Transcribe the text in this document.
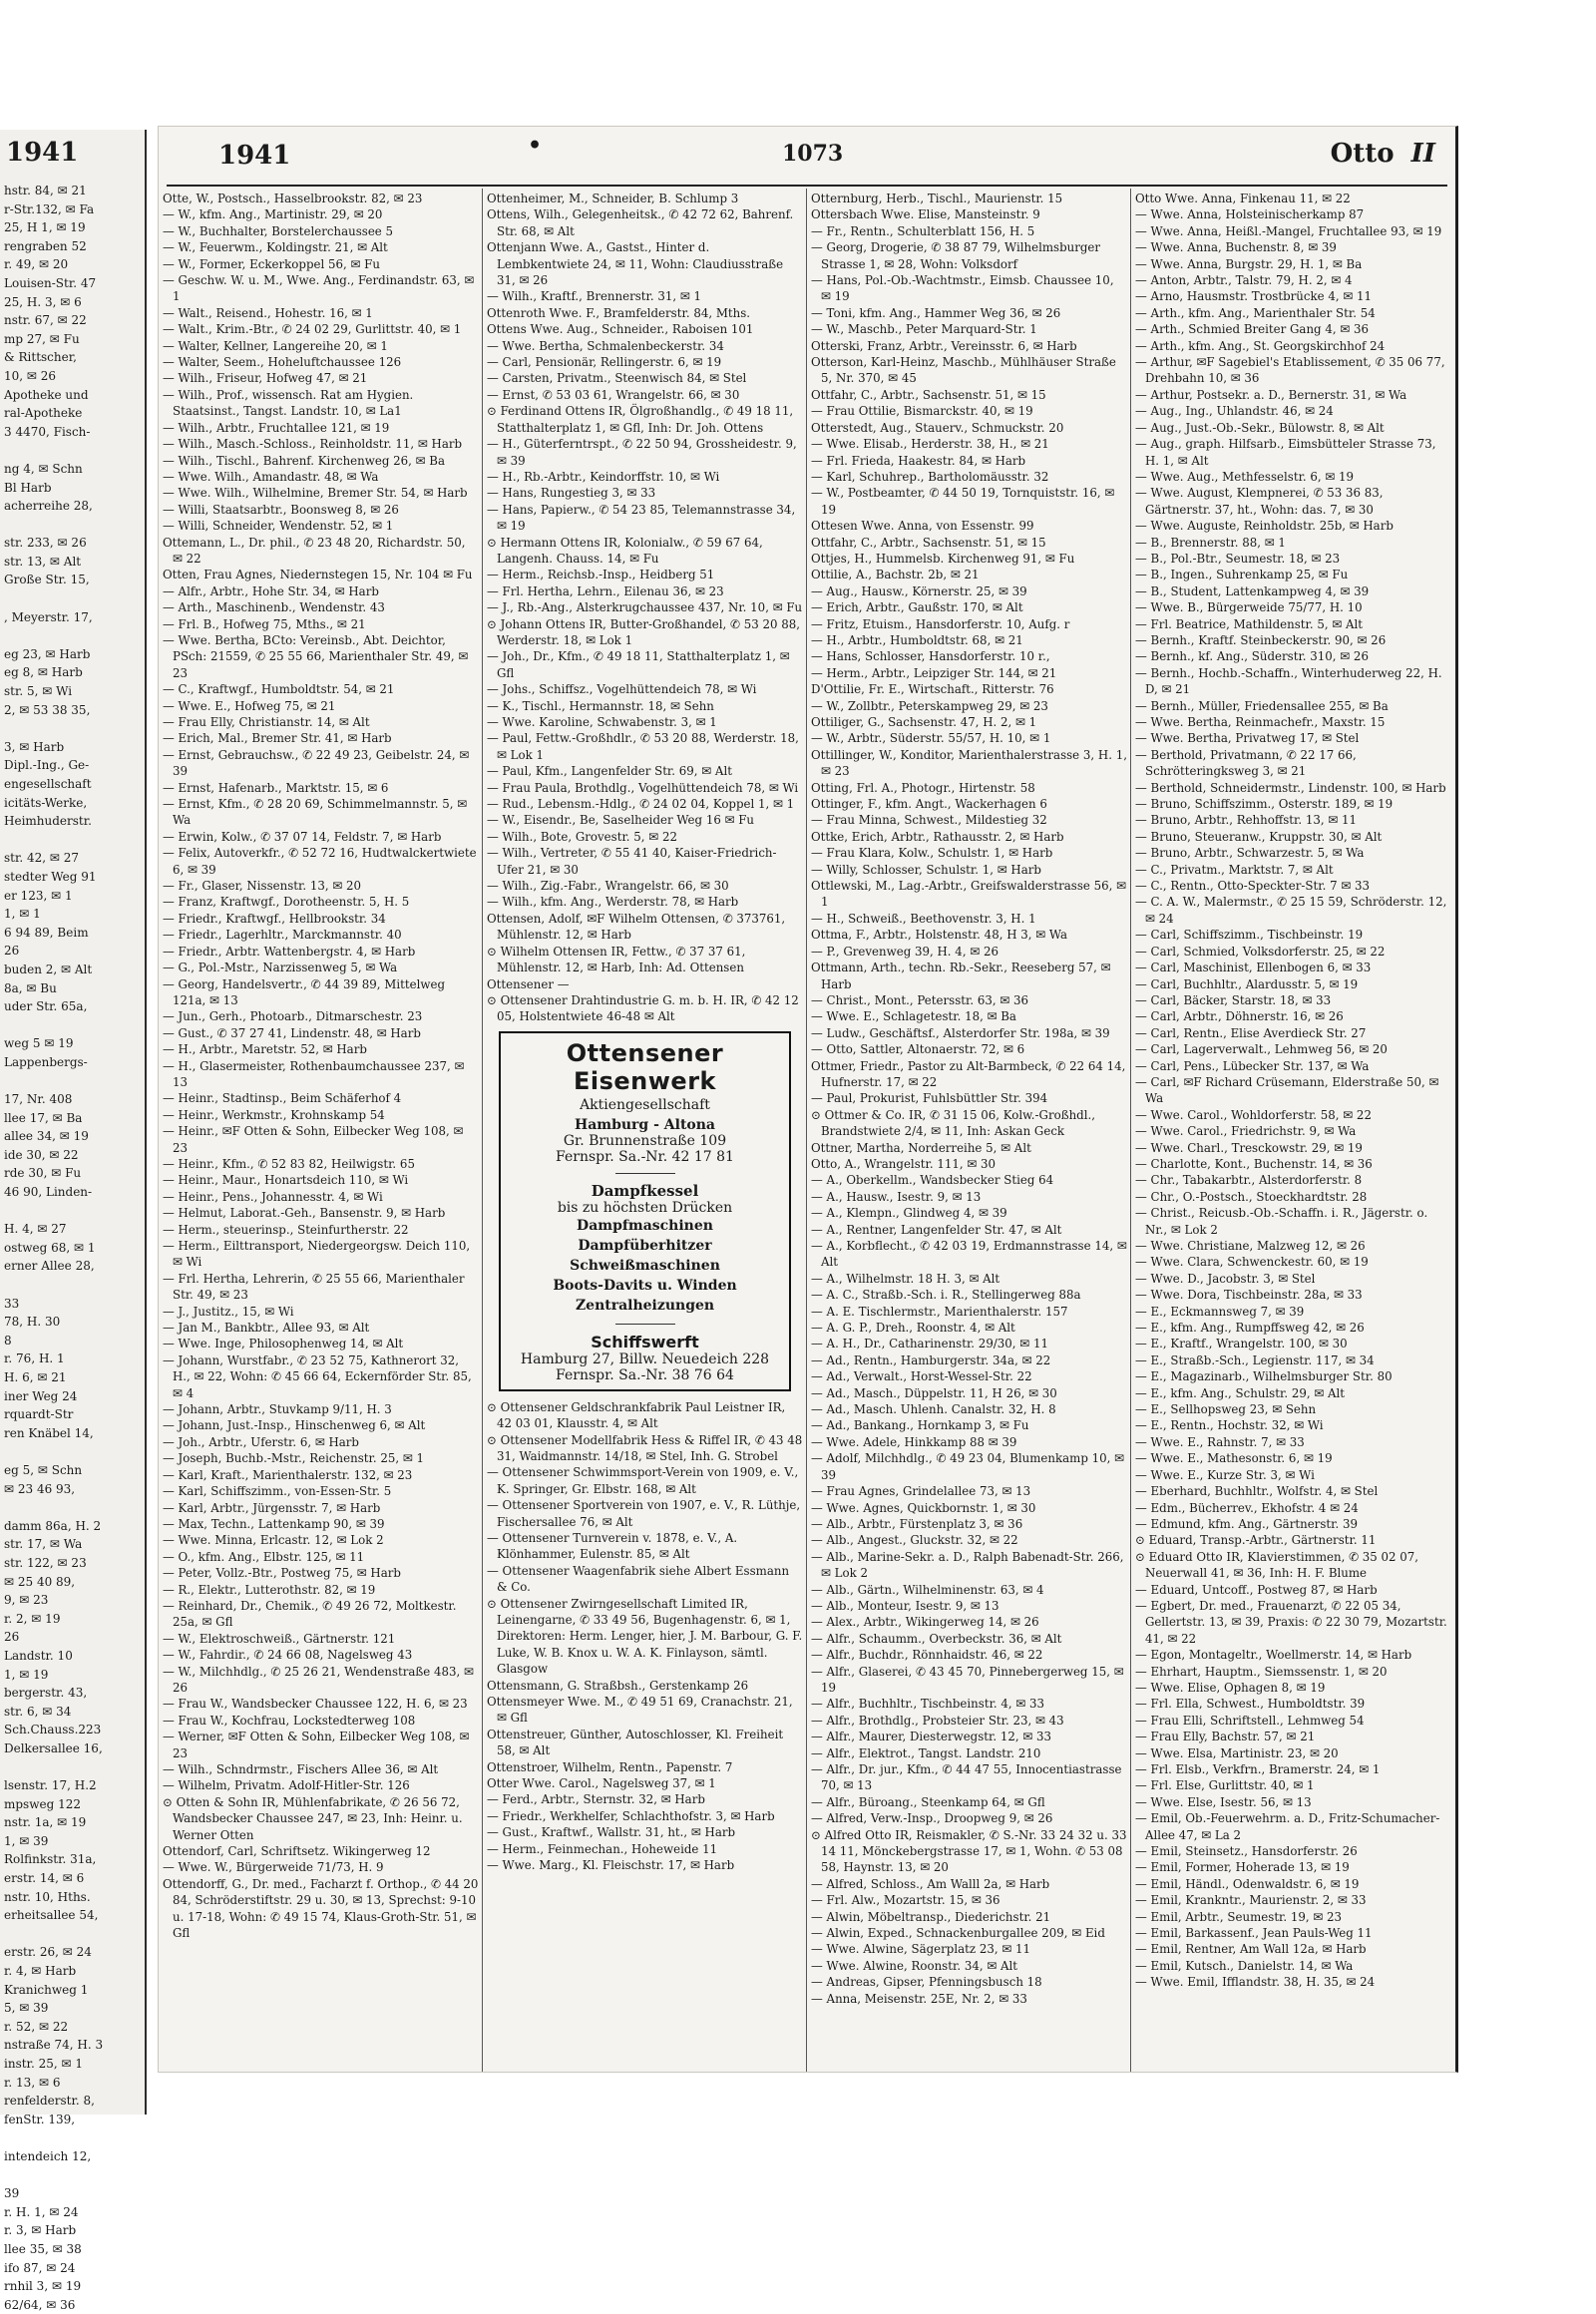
1941
hstr. 84, ✉ 21
r-Str.132, ✉ Fa
25, H 1, ✉ 19
rengraben 52
r. 49, ✉ 20
Louisen-Str. 47
25, H. 3, ✉ 6
nstr. 67, ✉ 22
mp 27, ✉ Fu
& Rittscher,
10, ✉ 26
Apotheke und
ral-Apotheke
3 4470, Fisch-

ng 4, ✉ Schn
Bl Harb
acherreihe 28,

str. 233, ✉ 26
str. 13, ✉ Alt
Große Str. 15,

, Meyerstr. 17,

eg 23, ✉ Harb
eg 8, ✉ Harb
str. 5, ✉ Wi
2, ✉ 53 38 35,

3, ✉ Harb
Dipl.-Ing., Ge-
engesellschaft
icitäts-Werke,
Heimhuderstr.

str. 42, ✉ 27
stedter Weg 91
er 123, ✉ 1
1, ✉ 1
6 94 89, Beim
26
buden 2, ✉ Alt
8a, ✉ Bu
uder Str. 65a,

weg 5 ✉ 19
Lappenbergs-

17, Nr. 408
llee 17, ✉ Ba
allee 34, ✉ 19
ide 30, ✉ 22
rde 30, ✉ Fu
46 90, Linden-

H. 4, ✉ 27
ostweg 68, ✉ 1
erner Allee 28,

33
78, H. 30
8
r. 76, H. 1
H. 6, ✉ 21
iner Weg 24
rquardt-Str
ren Knäbel 14,

eg 5, ✉ Schn
✉ 23 46 93,

damm 86a, H. 2
str. 17, ✉ Wa
str. 122, ✉ 23
✉ 25 40 89,
9, ✉ 23
r. 2, ✉ 19
26
Landstr. 10
1, ✉ 19
bergerstr. 43,
str. 6, ✉ 34
Sch.Chauss.223
Delkersallee 16,

lsenstr. 17, H.2
mpsweg 122
nstr. 1a, ✉ 19
1, ✉ 39
Rolfinkstr. 31a,
erstr. 14, ✉ 6
nstr. 10, Hths.
erheitsallee 54,

erstr. 26, ✉ 24
r. 4, ✉ Harb
Kranichweg 1
5, ✉ 39
r. 52, ✉ 22
nstraße 74, H. 3
instr. 25, ✉ 1
r. 13, ✉ 6
renfelderstr. 8,
fenStr. 139,

intendeich 12,

39
r. H. 1, ✉ 24
r. 3, ✉ Harb
llee 35, ✉ 38
ifo 87, ✉ 24
rnhil 3, ✉ 19
62/64, ✉ 36
1941	•	1073	Otto II

Otte, W., Postsch., Hasselbrookstr. 82, ✉ 23

— W., kfm. Ang., Martinistr. 29, ✉ 20

— W., Buchhalter, Borstelerchaussee 5

— W., Feuerwm., Koldingstr. 21, ✉ Alt

— W., Former, Eckerkoppel 56, ✉ Fu

— Geschw. W. u. M., Wwe. Ang., Ferdinandstr. 63, ✉ 1

— Walt., Reisend., Hohestr. 16, ✉ 1

— Walt., Krim.-Btr., ✆ 24 02 29, Gurlittstr. 40, ✉ 1

— Walter, Kellner, Langereihe 20, ✉ 1

— Walter, Seem., Hoheluftchaussee 126

— Wilh., Friseur, Hofweg 47, ✉ 21

— Wilh., Prof., wissensch. Rat am Hygien. Staatsinst., Tangst. Landstr. 10, ✉ La1

— Wilh., Arbtr., Fruchtallee 121, ✉ 19

— Wilh., Masch.-Schloss., Reinholdstr. 11, ✉ Harb

— Wilh., Tischl., Bahrenf. Kirchenweg 26, ✉ Ba

— Wwe. Wilh., Amandastr. 48, ✉ Wa

— Wwe. Wilh., Wilhelmine, Bremer Str. 54, ✉ Harb

— Willi, Staatsarbtr., Boonsweg 8, ✉ 26

— Willi, Schneider, Wendenstr. 52, ✉ 1

Ottemann, L., Dr. phil., ✆ 23 48 20, Richardstr. 50, ✉ 22

Otten, Frau Agnes, Niedernstegen 15, Nr. 104 ✉ Fu

— Alfr., Arbtr., Hohe Str. 34, ✉ Harb

— Arth., Maschinenb., Wendenstr. 43

— Frl. B., Hofweg 75, Mths., ✉ 21

— Wwe. Bertha, BCto: Vereinsb., Abt. Deichtor, PSch: 21559, ✆ 25 55 66, Marienthaler Str. 49, ✉ 23

— C., Kraftwgf., Humboldtstr. 54, ✉ 21

— Wwe. E., Hofweg 75, ✉ 21

— Frau Elly, Christianstr. 14, ✉ Alt

— Erich, Mal., Bremer Str. 41, ✉ Harb

— Ernst, Gebrauchsw., ✆ 22 49 23, Geibelstr. 24, ✉ 39

— Ernst, Hafenarb., Marktstr. 15, ✉ 6

— Ernst, Kfm., ✆ 28 20 69, Schimmelmannstr. 5, ✉ Wa

— Erwin, Kolw., ✆ 37 07 14, Feldstr. 7, ✉ Harb

— Felix, Autoverkfr., ✆ 52 72 16, Hudtwalckertwiete 6, ✉ 39

— Fr., Glaser, Nissenstr. 13, ✉ 20

— Franz, Kraftwgf., Dorotheenstr. 5, H. 5

— Friedr., Kraftwgf., Hellbrookstr. 34

— Friedr., Lagerhltr., Marckmannstr. 40

— Friedr., Arbtr. Wattenbergstr. 4, ✉ Harb

— G., Pol.-Mstr., Narzissenweg 5, ✉ Wa

— Georg, Handelsvertr., ✆ 44 39 89, Mittelweg 121a, ✉ 13

— Jun., Gerh., Photoarb., Ditmarschestr. 23

— Gust., ✆ 37 27 41, Lindenstr. 48, ✉ Harb

— H., Arbtr., Maretstr. 52, ✉ Harb

— H., Glasermeister, Rothenbaumchaussee 237, ✉ 13

— Heinr., Stadtinsp., Beim Schäferhof 4

— Heinr., Werkmstr., Krohnskamp 54

— Heinr., ✉F Otten & Sohn, Eilbecker Weg 108, ✉ 23

— Heinr., Kfm., ✆ 52 83 82, Heilwigstr. 65

— Heinr., Maur., Honartsdeich 110, ✉ Wi

— Heinr., Pens., Johannesstr. 4, ✉ Wi

— Helmut, Laborat.-Geh., Bansenstr. 9, ✉ Harb

— Herm., steuerinsp., Steinfurtherstr. 22

— Herm., Eilttransport, Niedergeorgsw. Deich 110, ✉ Wi

— Frl. Hertha, Lehrerin, ✆ 25 55 66, Marienthaler Str. 49, ✉ 23

— J., Justitz., 15, ✉ Wi

— Jan M., Bankbtr., Allee 93, ✉ Alt

— Wwe. Inge, Philosophenweg 14, ✉ Alt

— Johann, Wurstfabr., ✆ 23 52 75, Kathnerort 32, H., ✉ 22, Wohn: ✆ 45 66 64, Eckernförder Str. 85, ✉ 4

— Johann, Arbtr., Stuvkamp 9/11, H. 3

— Johann, Just.-Insp., Hinschenweg 6, ✉ Alt

— Joh., Arbtr., Uferstr. 6, ✉ Harb

— Joseph, Buchb.-Mstr., Reichenstr. 25, ✉ 1

— Karl, Kraft., Marienthalerstr. 132, ✉ 23

— Karl, Schiffszimm., von-Essen-Str. 5

— Karl, Arbtr., Jürgensstr. 7, ✉ Harb

— Max, Techn., Lattenkamp 90, ✉ 39

— Wwe. Minna, Erlcastr. 12, ✉ Lok 2

— O., kfm. Ang., Elbstr. 125, ✉ 11

— Peter, Vollz.-Btr., Postweg 75, ✉ Harb

— R., Elektr., Lutterothstr. 82, ✉ 19

— Reinhard, Dr., Chemik., ✆ 49 26 72, Moltkestr. 25a, ✉ Gfl

— W., Elektroschweiß., Gärtnerstr. 121

— W., Fahrdir., ✆ 24 66 08, Nagelsweg 43

— W., Milchhdlg., ✆ 25 26 21, Wendenstraße 483, ✉ 26

— Frau W., Wandsbecker Chaussee 122, H. 6, ✉ 23

— Frau W., Kochfrau, Lockstedterweg 108

— Werner, ✉F Otten & Sohn, Eilbecker Weg 108, ✉ 23

— Wilh., Schndrmstr., Fischers Allee 36, ✉ Alt

— Wilhelm, Privatm. Adolf-Hitler-Str. 126

⊙ Otten & Sohn IR, Mühlenfabrikate, ✆ 26 56 72, Wandsbecker Chaussee 247, ✉ 23, Inh: Heinr. u. Werner Otten

Ottendorf, Carl, Schriftsetz. Wikingerweg 12

— Wwe. W., Bürgerweide 71/73, H. 9

Ottendorff, G., Dr. med., Facharzt f. Orthop., ✆ 44 20 84, Schröderstiftstr. 29 u. 30, ✉ 13, Sprechst: 9-10 u. 17-18, Wohn: ✆ 49 15 74, Klaus-Groth-Str. 51, ✉ Gfl

Ottenheimer, M., Schneider, B. Schlump 3

Ottens, Wilh., Gelegenheitsk., ✆ 42 72 62, Bahrenf. Str. 68, ✉ Alt

Ottenjann Wwe. A., Gastst., Hinter d. Lembkentwiete 24, ✉ 11, Wohn: Claudiusstraße 31, ✉ 26

— Wilh., Kraftf., Brennerstr. 31, ✉ 1

Ottenroth Wwe. F., Bramfelderstr. 84, Mths.

Ottens Wwe. Aug., Schneider., Raboisen 101

— Wwe. Bertha, Schmalenbeckerstr. 34

— Carl, Pensionär, Rellingerstr. 6, ✉ 19

— Carsten, Privatm., Steenwisch 84, ✉ Stel

— Ernst, ✆ 53 03 61, Wrangelstr. 66, ✉ 30

⊙ Ferdinand Ottens IR, Ölgroßhandlg., ✆ 49 18 11, Statthalterplatz 1, ✉ Gfl, Inh: Dr. Joh. Ottens

— H., Güterferntrspt., ✆ 22 50 94, Grossheidestr. 9, ✉ 39

— H., Rb.-Arbtr., Keindorffstr. 10, ✉ Wi

— Hans, Rungestieg 3, ✉ 33

— Hans, Papierw., ✆ 54 23 85, Telemannstrasse 34, ✉ 19

⊙ Hermann Ottens IR, Kolonialw., ✆ 59 67 64, Langenh. Chauss. 14, ✉ Fu

— Herm., Reichsb.-Insp., Heidberg 51

— Frl. Hertha, Lehrn., Eilenau 36, ✉ 23

— J., Rb.-Ang., Alsterkrugchaussee 437, Nr. 10, ✉ Fu

⊙ Johann Ottens IR, Butter-Großhandel, ✆ 53 20 88, Werderstr. 18, ✉ Lok 1

— Joh., Dr., Kfm., ✆ 49 18 11, Statthalterplatz 1, ✉ Gfl

— Johs., Schiffsz., Vogelhüttendeich 78, ✉ Wi

— K., Tischl., Hermannstr. 18, ✉ Sehn

— Wwe. Karoline, Schwabenstr. 3, ✉ 1

— Paul, Fettw.-Großhdlr., ✆ 53 20 88, Werderstr. 18, ✉ Lok 1

— Paul, Kfm., Langenfelder Str. 69, ✉ Alt

— Frau Paula, Brothdlg., Vogelhüttendeich 78, ✉ Wi

— Rud., Lebensm.-Hdlg., ✆ 24 02 04, Koppel 1, ✉ 1

— W., Eisendr., Be, Saselheider Weg 16 ✉ Fu

— Wilh., Bote, Grovestr. 5, ✉ 22

— Wilh., Vertreter, ✆ 55 41 40, Kaiser-Friedrich-Ufer 21, ✉ 30

— Wilh., Zig.-Fabr., Wrangelstr. 66, ✉ 30

— Wilh., kfm. Ang., Werderstr. 78, ✉ Harb

Ottensen, Adolf, ✉F Wilhelm Ottensen, ✆ 373761, Mühlenstr. 12, ✉ Harb

⊙ Wilhelm Ottensen IR, Fettw., ✆ 37 37 61, Mühlenstr. 12, ✉ Harb, Inh: Ad. Ottensen

Ottensener —

⊙ Ottensener Drahtindustrie G. m. b. H. IR, ✆ 42 12 05, Holstentwiete 46-48 ✉ Alt

Ottensener Eisenwerk
Aktiengesellschaft
Hamburg - Altona
Gr. Brunnenstraße 109
Fernspr. Sa.-Nr. 42 17 81
Dampfkessel
bis zu höchsten Drücken
Dampfmaschinen
Dampfüberhitzer
Schweißmaschinen
Boots-Davits u. Winden
Zentralheizungen
Schiffswerft
Hamburg 27, Billw. Neuedeich 228
Fernspr. Sa.-Nr. 38 76 64

⊙ Ottensener Geldschrankfabrik Paul Leistner IR, 42 03 01, Klausstr. 4, ✉ Alt

⊙ Ottensener Modellfabrik Hess & Riffel IR, ✆ 43 48 31, Waidmannstr. 14/18, ✉ Stel, Inh. G. Strobel

— Ottensener Schwimmsport-Verein von 1909, e. V., K. Springer, Gr. Elbstr. 168, ✉ Alt

— Ottensener Sportverein von 1907, e. V., R. Lüthje, Fischersallee 76, ✉ Alt

— Ottensener Turnverein v. 1878, e. V., A. Klönhammer, Eulenstr. 85, ✉ Alt

— Ottensener Waagenfabrik siehe Albert Essmann & Co.

⊙ Ottensener Zwirngesellschaft Limited IR, Leinengarne, ✆ 33 49 56, Bugenhagenstr. 6, ✉ 1, Direktoren: Herm. Lenger, hier, J. M. Barbour, G. F. Luke, W. B. Knox u. W. A. K. Finlayson, sämtl. Glasgow

Ottensmann, G. Straßbsh., Gerstenkamp 26

Ottensmeyer Wwe. M., ✆ 49 51 69, Cranachstr. 21, ✉ Gfl

Ottenstreuer, Günther, Autoschlosser, Kl. Freiheit 58, ✉ Alt

Ottenstroer, Wilhelm, Rentn., Papenstr. 7

Otter Wwe. Carol., Nagelsweg 37, ✉ 1

— Ferd., Arbtr., Sternstr. 32, ✉ Harb

— Friedr., Werkhelfer, Schlachthofstr. 3, ✉ Harb

— Gust., Kraftwf., Wallstr. 31, ht., ✉ Harb

— Herm., Feinmechan., Hoheweide 11

— Wwe. Marg., Kl. Fleischstr. 17, ✉ Harb

Otternburg, Herb., Tischl., Maurienstr. 15

Ottersbach Wwe. Elise, Mansteinstr. 9

— Fr., Rentn., Schulterblatt 156, H. 5

— Georg, Drogerie, ✆ 38 87 79, Wilhelmsburger Strasse 1, ✉ 28, Wohn: Volksdorf

— Hans, Pol.-Ob.-Wachtmstr., Eimsb. Chaussee 10, ✉ 19

— Toni, kfm. Ang., Hammer Weg 36, ✉ 26

— W., Maschb., Peter Marquard-Str. 1

Otterski, Franz, Arbtr., Vereinsstr. 6, ✉ Harb

Otterson, Karl-Heinz, Maschb., Mühlhäuser Straße 5, Nr. 370, ✉ 45

Ottfahr, C., Arbtr., Sachsenstr. 51, ✉ 15

— Frau Ottilie, Bismarckstr. 40, ✉ 19

Otterstedt, Aug., Stauerv., Schmuckstr. 20

— Wwe. Elisab., Herderstr. 38, H., ✉ 21

— Frl. Frieda, Haakestr. 84, ✉ Harb

— Karl, Schuhrep., Bartholomäusstr. 32

— W., Postbeamter, ✆ 44 50 19, Tornquiststr. 16, ✉ 19

Ottesen Wwe. Anna, von Essenstr. 99

Ottfahr, C., Arbtr., Sachsenstr. 51, ✉ 15

Ottjes, H., Hummelsb. Kirchenweg 91, ✉ Fu

Ottilie, A., Bachstr. 2b, ✉ 21

— Aug., Hausw., Körnerstr. 25, ✉ 39

— Erich, Arbtr., Gaußstr. 170, ✉ Alt

— Fritz, Etuism., Hansdorferstr. 10, Aufg. r

— H., Arbtr., Humboldtstr. 68, ✉ 21

— Hans, Schlosser, Hansdorferstr. 10 r.,

— Herm., Arbtr., Leipziger Str. 144, ✉ 21

D'Ottilie, Fr. E., Wirtschaft., Ritterstr. 76

— W., Zollbtr., Peterskampweg 29, ✉ 23

Ottiliger, G., Sachsenstr. 47, H. 2, ✉ 1

— W., Arbtr., Süderstr. 55/57, H. 10, ✉ 1

Ottillinger, W., Konditor, Marienthalerstrasse 3, H. 1, ✉ 23

Otting, Frl. A., Photogr., Hirtenstr. 58

Ottinger, F., kfm. Angt., Wackerhagen 6

— Frau Minna, Schwest., Mildestieg 32

Ottke, Erich, Arbtr., Rathausstr. 2, ✉ Harb

— Frau Klara, Kolw., Schulstr. 1, ✉ Harb

— Willy, Schlosser, Schulstr. 1, ✉ Harb

Ottlewski, M., Lag.-Arbtr., Greifswalderstrasse 56, ✉ 1

— H., Schweiß., Beethovenstr. 3, H. 1

Ottma, F., Arbtr., Holstenstr. 48, H 3, ✉ Wa

— P., Grevenweg 39, H. 4, ✉ 26

Ottmann, Arth., techn. Rb.-Sekr., Reeseberg 57, ✉ Harb

— Christ., Mont., Petersstr. 63, ✉ 36

— Wwe. E., Schlagetestr. 18, ✉ Ba

— Ludw., Geschäftsf., Alsterdorfer Str. 198a, ✉ 39

— Otto, Sattler, Altonaerstr. 72, ✉ 6

Ottmer, Friedr., Pastor zu Alt-Barmbeck, ✆ 22 64 14, Hufnerstr. 17, ✉ 22

— Paul, Prokurist, Fuhlsbüttler Str. 394

⊙ Ottmer & Co. IR, ✆ 31 15 06, Kolw.-Großhdl., Brandstwiete 2/4, ✉ 11, Inh: Askan Geck

Ottner, Martha, Norderreihe 5, ✉ Alt

Otto, A., Wrangelstr. 111, ✉ 30

— A., Oberkellm., Wandsbecker Stieg 64

— A., Hausw., Isestr. 9, ✉ 13

— A., Klempn., Glindweg 4, ✉ 39

— A., Rentner, Langenfelder Str. 47, ✉ Alt

— A., Korbflecht., ✆ 42 03 19, Erdmannstrasse 14, ✉ Alt

— A., Wilhelmstr. 18 H. 3, ✉ Alt

— A. C., Straßb.-Sch. i. R., Stellingerweg 88a

— A. E. Tischlermstr., Marienthalerstr. 157

— A. G. P., Dreh., Roonstr. 4, ✉ Alt

— A. H., Dr., Catharinenstr. 29/30, ✉ 11

— Ad., Rentn., Hamburgerstr. 34a, ✉ 22

— Ad., Verwalt., Horst-Wessel-Str. 22

— Ad., Masch., Düppelstr. 11, H 26, ✉ 30

— Ad., Masch. Uhlenh. Canalstr. 32, H. 8

— Ad., Bankang., Hornkamp 3, ✉ Fu

— Wwe. Adele, Hinkkamp 88 ✉ 39

— Adolf, Milchhdlg., ✆ 49 23 04, Blumenkamp 10, ✉ 39

— Frau Agnes, Grindelallee 73, ✉ 13

— Wwe. Agnes, Quickbornstr. 1, ✉ 30

— Alb., Arbtr., Fürstenplatz 3, ✉ 36

— Alb., Angest., Gluckstr. 32, ✉ 22

— Alb., Marine-Sekr. a. D., Ralph Babenadt-Str. 266, ✉ Lok 2

— Alb., Gärtn., Wilhelminenstr. 63, ✉ 4

— Alb., Monteur, Isestr. 9, ✉ 13

— Alex., Arbtr., Wikingerweg 14, ✉ 26

— Alfr., Schaumm., Overbeckstr. 36, ✉ Alt

— Alfr., Buchdr., Rönnhaidstr. 46, ✉ 22

— Alfr., Glaserei, ✆ 43 45 70, Pinnebergerweg 15, ✉ 19

— Alfr., Buchhltr., Tischbeinstr. 4, ✉ 33

— Alfr., Brothdlg., Probsteier Str. 23, ✉ 43

— Alfr., Maurer, Diesterwegstr. 12, ✉ 33

— Alfr., Elektrot., Tangst. Landstr. 210

— Alfr., Dr. jur., Kfm., ✆ 44 47 55, Innocentiastrasse 70, ✉ 13

— Alfr., Büroang., Steenkamp 64, ✉ Gfl

— Alfred, Verw.-Insp., Droopweg 9, ✉ 26

⊙ Alfred Otto IR, Reismakler, ✆ S.-Nr. 33 24 32 u. 33 14 11, Mönckebergstrasse 17, ✉ 1, Wohn. ✆ 53 08 58, Haynstr. 13, ✉ 20

— Alfred, Schloss., Am Walll 2a, ✉ Harb

— Frl. Alw., Mozartstr. 15, ✉ 36

— Alwin, Möbeltransp., Diederichstr. 21

— Alwin, Exped., Schnackenburgallee 209, ✉ Eid

— Wwe. Alwine, Sägerplatz 23, ✉ 11

— Wwe. Alwine, Roonstr. 34, ✉ Alt

— Andreas, Gipser, Pfenningsbusch 18

— Anna, Meisenstr. 25E, Nr. 2, ✉ 33

Otto Wwe. Anna, Finkenau 11, ✉ 22

— Wwe. Anna, Holsteinischerkamp 87

— Wwe. Anna, Heißl.-Mangel, Fruchtallee 93, ✉ 19

— Wwe. Anna, Buchenstr. 8, ✉ 39

— Wwe. Anna, Burgstr. 29, H. 1, ✉ Ba

— Anton, Arbtr., Talstr. 79, H. 2, ✉ 4

— Arno, Hausmstr. Trostbrücke 4, ✉ 11

— Arth., kfm. Ang., Marienthaler Str. 54

— Arth., Schmied Breiter Gang 4, ✉ 36

— Arth., kfm. Ang., St. Georgskirchhof 24

— Arthur, ✉F Sagebiel's Etablissement, ✆ 35 06 77, Drehbahn 10, ✉ 36

— Arthur, Postsekr. a. D., Bernerstr. 31, ✉ Wa

— Aug., Ing., Uhlandstr. 46, ✉ 24

— Aug., Just.-Ob.-Sekr., Bülowstr. 8, ✉ Alt

— Aug., graph. Hilfsarb., Eimsbütteler Strasse 73, H. 1, ✉ Alt

— Wwe. Aug., Methfesselstr. 6, ✉ 19

— Wwe. August, Klempnerei, ✆ 53 36 83, Gärtnerstr. 37, ht., Wohn: das. 7, ✉ 30

— Wwe. Auguste, Reinholdstr. 25b, ✉ Harb

— B., Brennerstr. 88, ✉ 1

— B., Pol.-Btr., Seumestr. 18, ✉ 23

— B., Ingen., Suhrenkamp 25, ✉ Fu

— B., Student, Lattenkampweg 4, ✉ 39

— Wwe. B., Bürgerweide 75/77, H. 10

— Frl. Beatrice, Mathildenstr. 5, ✉ Alt

— Bernh., Kraftf. Steinbeckerstr. 90, ✉ 26

— Bernh., kf. Ang., Süderstr. 310, ✉ 26

— Bernh., Hochb.-Schaffn., Winterhuderweg 22, H. D, ✉ 21

— Bernh., Müller, Friedensallee 255, ✉ Ba

— Wwe. Bertha, Reinmachefr., Maxstr. 15

— Wwe. Bertha, Privatweg 17, ✉ Stel

— Berthold, Privatmann, ✆ 22 17 66, Schrötteringksweg 3, ✉ 21

— Berthold, Schneidermstr., Lindenstr. 100, ✉ Harb

— Bruno, Schiffszimm., Osterstr. 189, ✉ 19

— Bruno, Arbtr., Rehhoffstr. 13, ✉ 11

— Bruno, Steueranw., Kruppstr. 30, ✉ Alt

— Bruno, Arbtr., Schwarzestr. 5, ✉ Wa

— C., Privatm., Marktstr. 7, ✉ Alt

— C., Rentn., Otto-Speckter-Str. 7 ✉ 33

— C. A. W., Malermstr., ✆ 25 15 59, Schröderstr. 12, ✉ 24

— Carl, Schiffszimm., Tischbeinstr. 19

— Carl, Schmied, Volksdorferstr. 25, ✉ 22

— Carl, Maschinist, Ellenbogen 6, ✉ 33

— Carl, Buchhltr., Alardusstr. 5, ✉ 19

— Carl, Bäcker, Starstr. 18, ✉ 33

— Carl, Arbtr., Döhnerstr. 16, ✉ 26

— Carl, Rentn., Elise Averdieck Str. 27

— Carl, Lagerverwalt., Lehmweg 56, ✉ 20

— Carl, Pens., Lübecker Str. 137, ✉ Wa

— Carl, ✉F Richard Crüsemann, Elderstraße 50, ✉ Wa

— Wwe. Carol., Wohldorferstr. 58, ✉ 22

— Wwe. Carol., Friedrichstr. 9, ✉ Wa

— Wwe. Charl., Tresckowstr. 29, ✉ 19

— Charlotte, Kont., Buchenstr. 14, ✉ 36

— Chr., Tabakarbtr., Alsterdorferstr. 8

— Chr., O.-Postsch., Stoeckhardtstr. 28

— Christ., Reicusb.-Ob.-Schaffn. i. R., Jägerstr. o. Nr., ✉ Lok 2

— Wwe. Christiane, Malzweg 12, ✉ 26

— Wwe. Clara, Schwenckestr. 60, ✉ 19

— Wwe. D., Jacobstr. 3, ✉ Stel

— Wwe. Dora, Tischbeinstr. 28a, ✉ 33

— E., Eckmannsweg 7, ✉ 39

— E., kfm. Ang., Rumpffsweg 42, ✉ 26

— E., Kraftf., Wrangelstr. 100, ✉ 30

— E., Straßb.-Sch., Legienstr. 117, ✉ 34

— E., Magazinarb., Wilhelmsburger Str. 80

— E., kfm. Ang., Schulstr. 29, ✉ Alt

— E., Sellhopsweg 23, ✉ Sehn

— E., Rentn., Hochstr. 32, ✉ Wi

— Wwe. E., Rahnstr. 7, ✉ 33

— Wwe. E., Mathesonstr. 6, ✉ 19

— Wwe. E., Kurze Str. 3, ✉ Wi

— Eberhard, Buchhltr., Wolfstr. 4, ✉ Stel

— Edm., Bücherrev., Ekhofstr. 4 ✉ 24

— Edmund, kfm. Ang., Gärtnerstr. 39

⊙ Eduard, Transp.-Arbtr., Gärtnerstr. 11

⊙ Eduard Otto IR, Klavierstimmen, ✆ 35 02 07, Neuerwall 41, ✉ 36, Inh: H. F. Blume

— Eduard, Untcoff., Postweg 87, ✉ Harb

— Egbert, Dr. med., Frauenarzt, ✆ 22 05 34, Gellertstr. 13, ✉ 39, Praxis: ✆ 22 30 79, Mozartstr. 41, ✉ 22

— Egon, Montageltr., Woellmerstr. 14, ✉ Harb

— Ehrhart, Hauptm., Siemssenstr. 1, ✉ 20

— Wwe. Elise, Ophagen 8, ✉ 19

— Frl. Ella, Schwest., Humboldtstr. 39

— Frau Elli, Schriftstell., Lehmweg 54

— Frau Elly, Bachstr. 57, ✉ 21

— Wwe. Elsa, Martinistr. 23, ✉ 20

— Frl. Elsb., Verkfrn., Bramerstr. 24, ✉ 1

— Frl. Else, Gurlittstr. 40, ✉ 1

— Wwe. Else, Isestr. 56, ✉ 13

— Emil, Ob.-Feuerwehrm. a. D., Fritz-Schumacher-Allee 47, ✉ La 2

— Emil, Steinsetz., Hansdorferstr. 26

— Emil, Former, Hoherade 13, ✉ 19

— Emil, Händl., Odenwaldstr. 6, ✉ 19

— Emil, Krankntr., Maurienstr. 2, ✉ 33

— Emil, Arbtr., Seumestr. 19, ✉ 23

— Emil, Barkassenf., Jean Pauls-Weg 11

— Emil, Rentner, Am Wall 12a, ✉ Harb

— Emil, Kutsch., Danielstr. 14, ✉ Wa

— Wwe. Emil, Ifflandstr. 38, H. 35, ✉ 24
